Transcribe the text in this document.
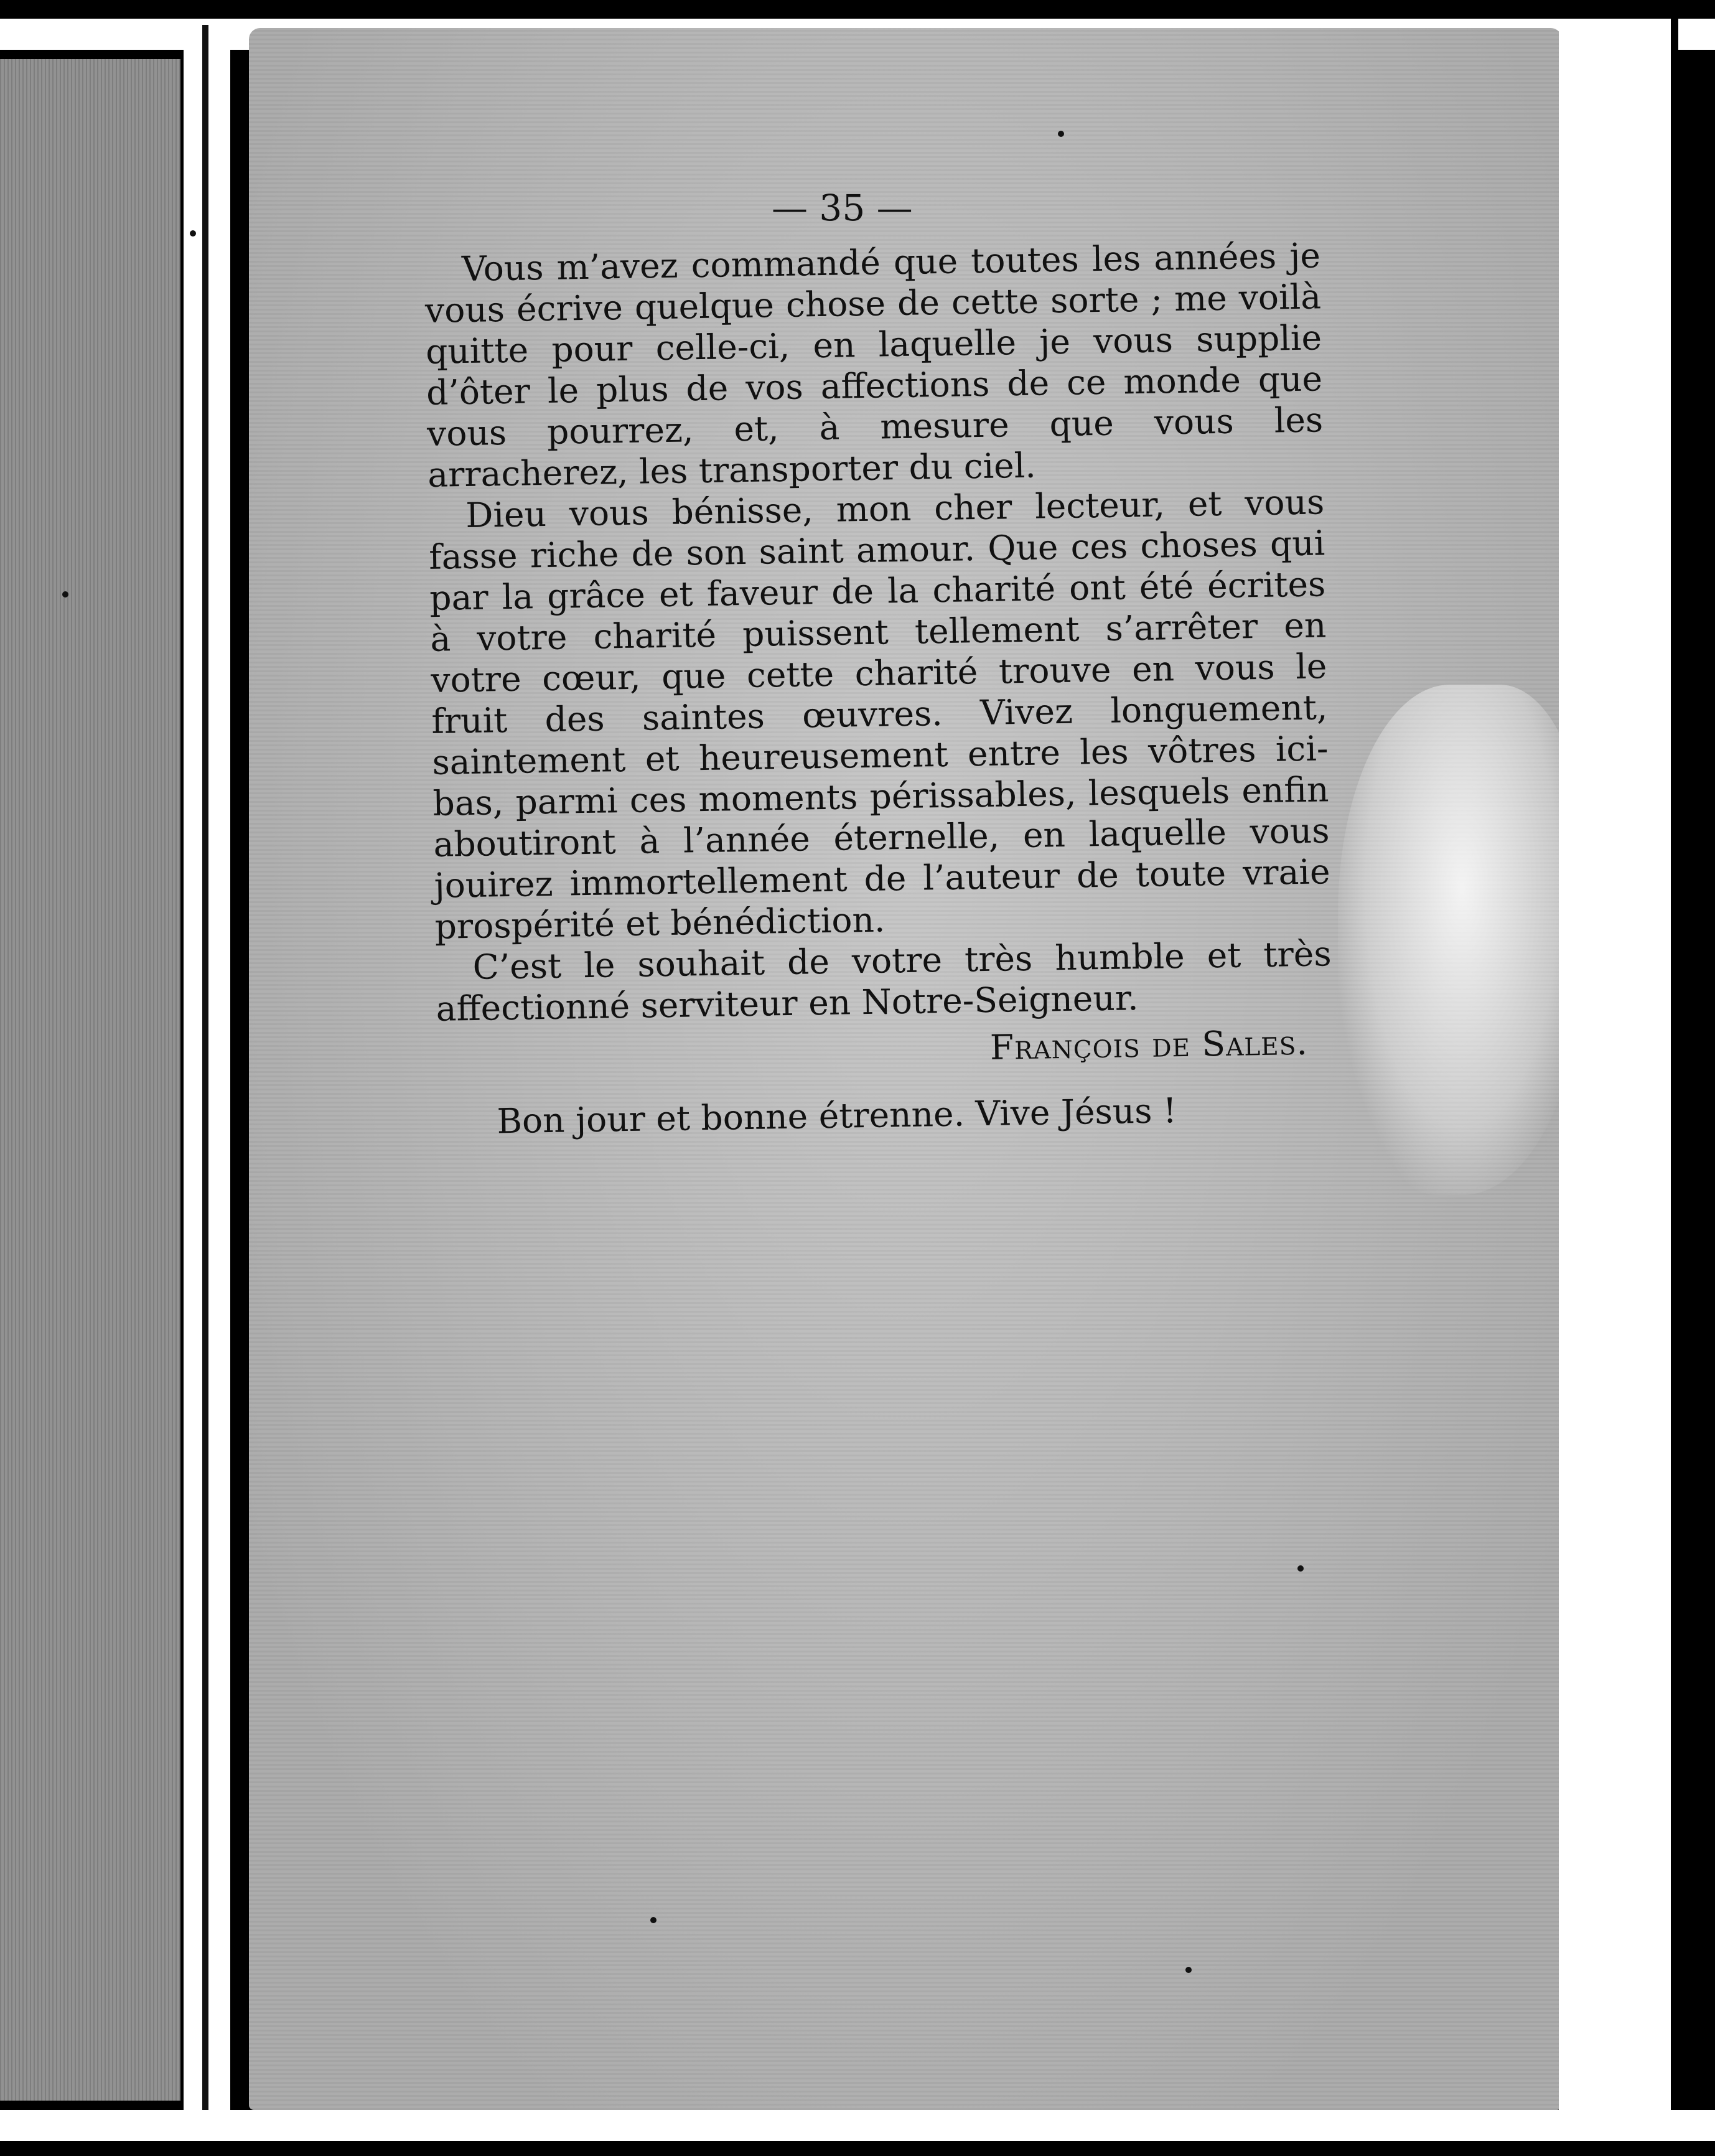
— 35 —

Vous m’avez commandé que toutes les années je vous écrive quelque chose de cette sorte ; me voilà quitte pour celle-ci, en laquelle je vous supplie d’ôter le plus de vos affections de ce monde que vous pourrez, et, à mesure que vous les arracherez, les transporter du ciel.

Dieu vous bénisse, mon cher lecteur, et vous fasse riche de son saint amour. Que ces choses qui par la grâce et faveur de la charité ont été écrites à votre charité puissent tellement s’arrêter en votre cœur, que cette charité trouve en vous le fruit des saintes œuvres. Vivez longuement, saintement et heureusement entre les vôtres ici-bas, parmi ces moments périssables, lesquels enfin aboutiront à l’année éternelle, en laquelle vous jouirez immortellement de l’auteur de toute vraie prospérité et bénédiction.

C’est le souhait de votre très humble et très affectionné serviteur en Notre-Seigneur.

François de Sales.
Bon jour et bonne étrenne. Vive Jésus !
